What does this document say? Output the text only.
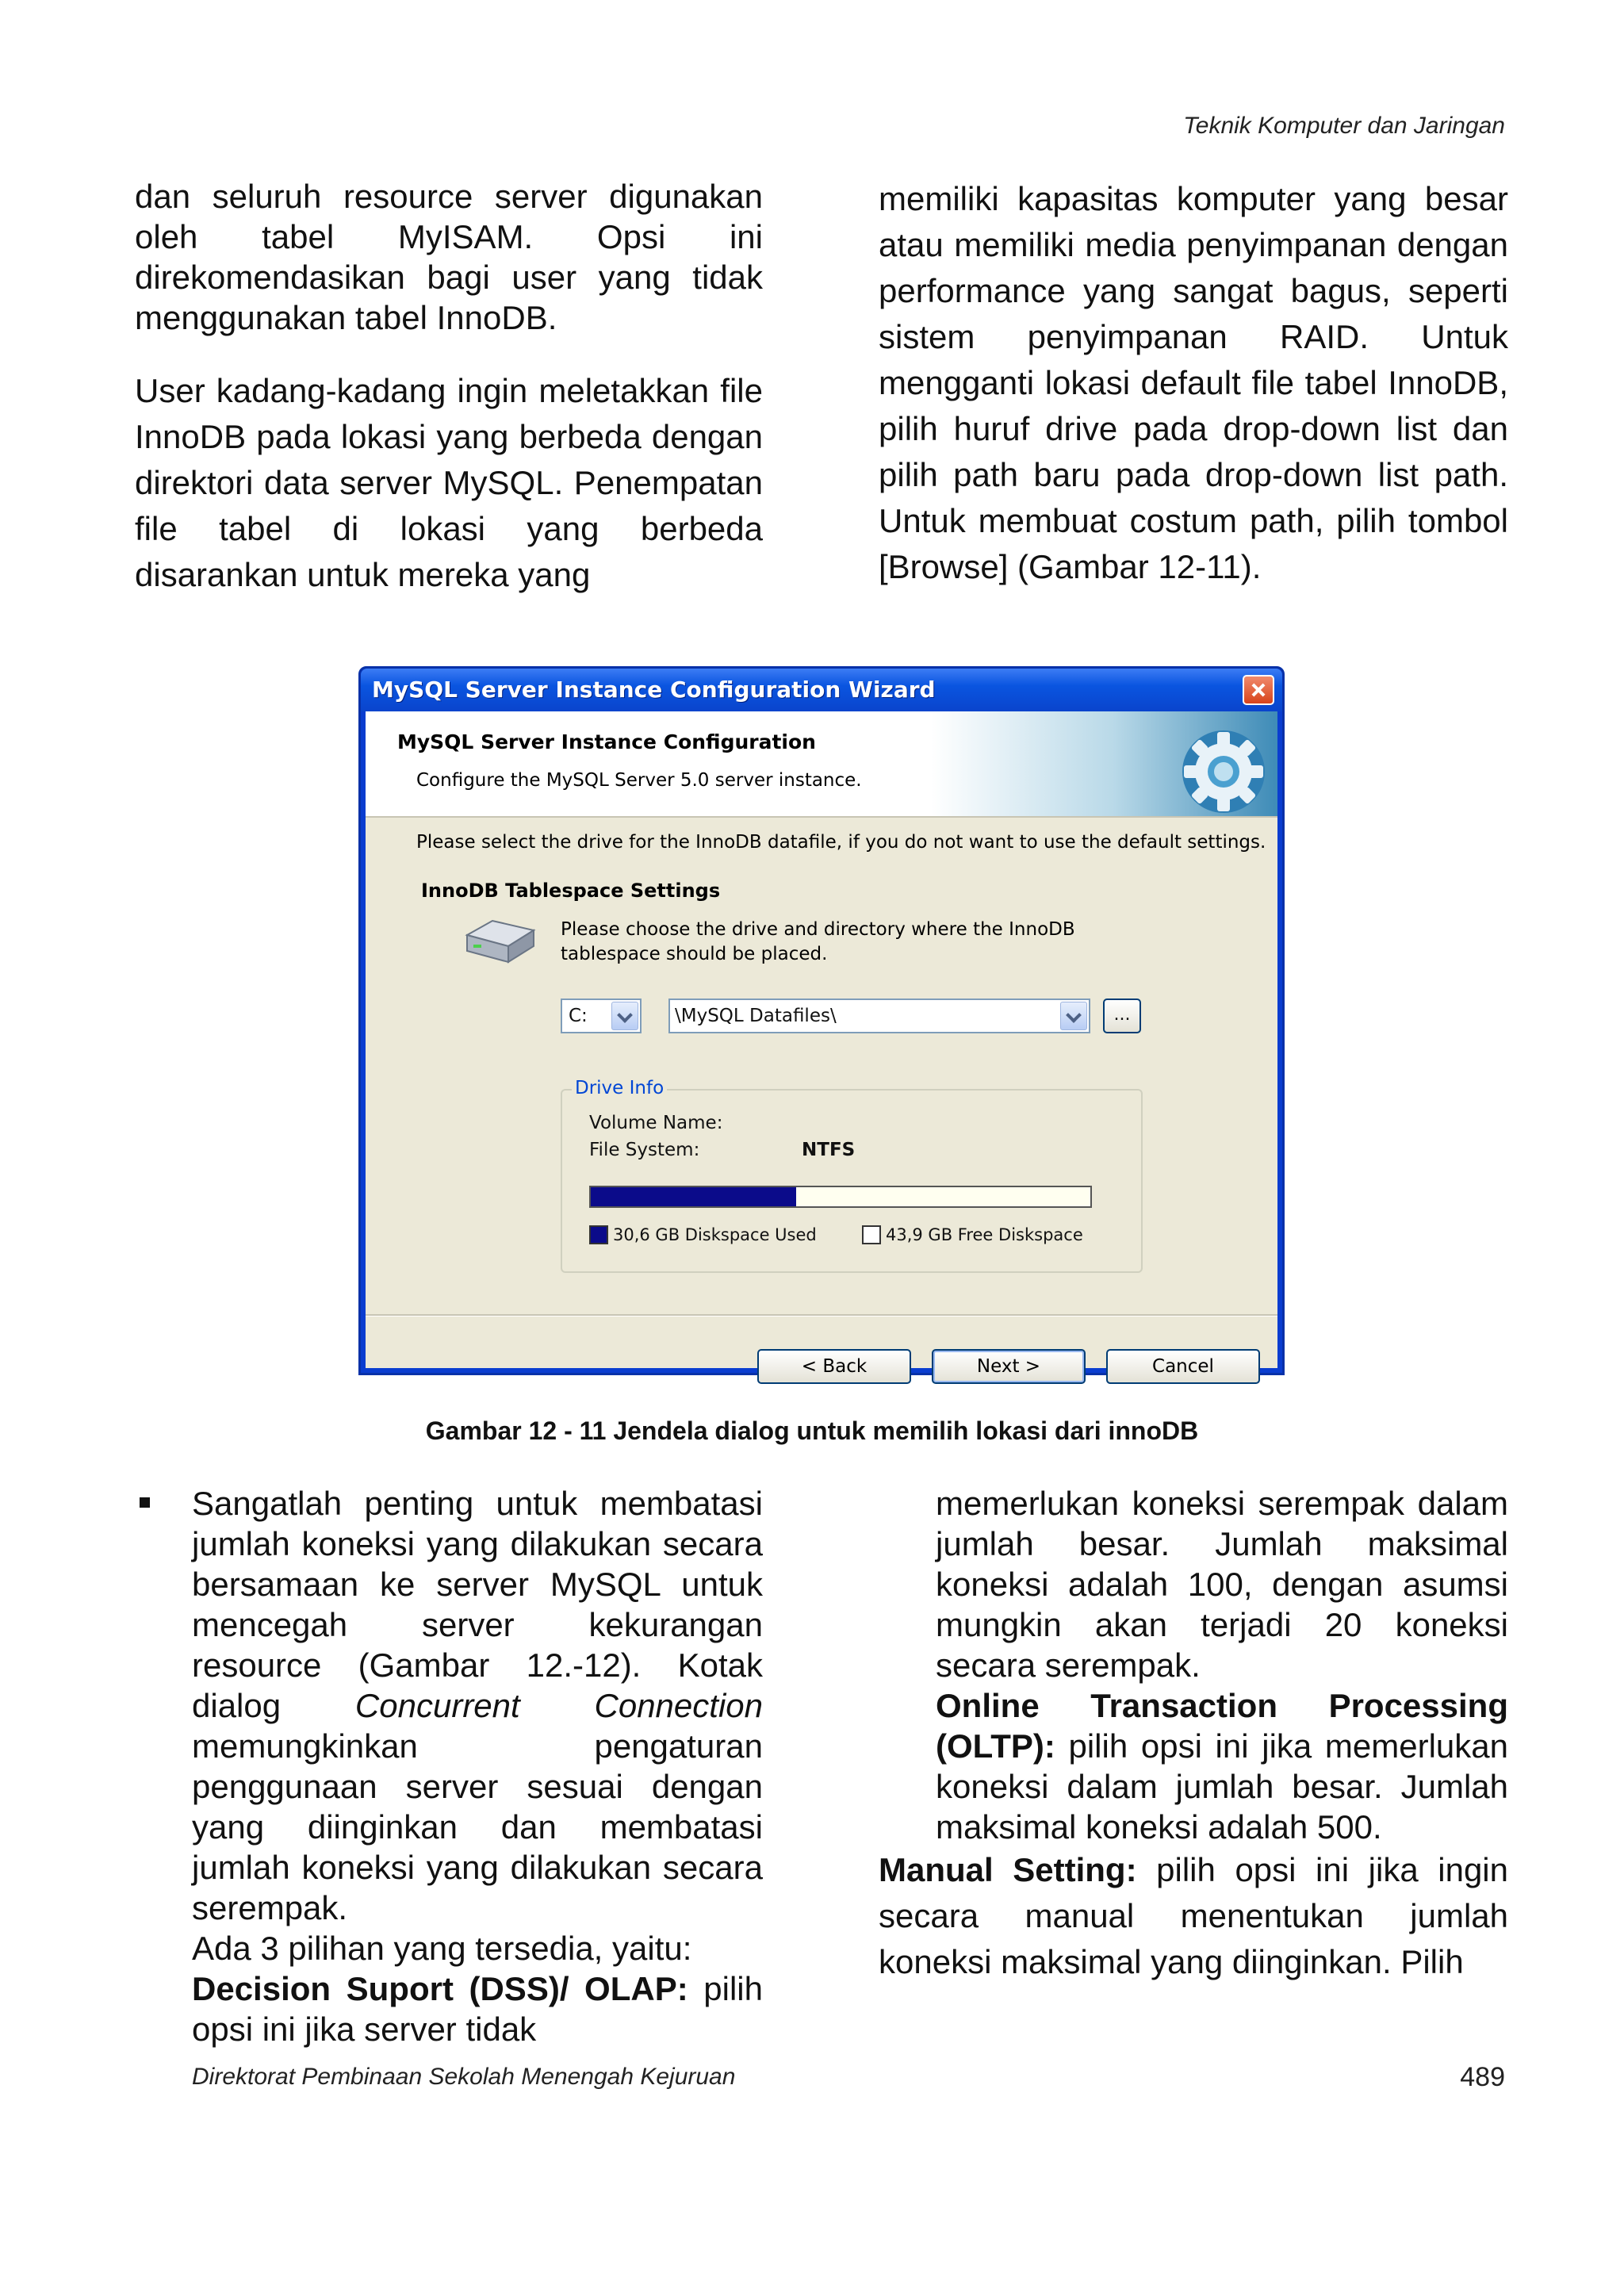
Teknik Komputer dan Jaringan

dan seluruh resource server digunakan oleh tabel MyISAM. Opsi ini direkomendasikan bagi user yang tidak menggunakan tabel InnoDB.

User kadang-kadang ingin meletakkan file InnoDB pada lokasi yang berbeda dengan direktori data server MySQL. Penempatan file tabel di lokasi yang berbeda disarankan untuk mereka yang

memiliki kapasitas komputer yang besar atau memiliki media penyimpanan dengan performance yang sangat bagus, seperti sistem penyimpanan RAID. Untuk mengganti lokasi default file tabel InnoDB, pilih huruf drive pada drop-down list dan pilih path baru pada drop-down list path. Untuk membuat costum path, pilih tombol [Browse] (Gambar 12-11).

MySQL Server Instance Configuration Wizard
MySQL Server Instance Configuration
Configure the MySQL Server 5.0 server instance.
Please select the drive for the InnoDB datafile, if you do not want to use the default settings.
InnoDB Tablespace Settings
Please choose the drive and directory where the InnoDB tablespace should be placed.
C:	\MySQL Datafiles\	...
Drive Info
Volume Name:
File System:	NTFS
30,6 GB Diskspace Used	43,9 GB Free Diskspace
< Back	Next >	Cancel
Gambar 12 - 11 Jendela dialog untuk memilih lokasi dari innoDB
Sangatlah penting untuk membatasi jumlah koneksi yang dilakukan secara bersamaan ke server MySQL untuk mencegah server kekurangan resource (Gambar 12.-12). Kotak dialog Concurrent Connection memungkinkan pengaturan penggunaan server sesuai dengan yang diinginkan dan membatasi jumlah koneksi yang dilakukan secara serempak.
Ada 3 pilihan yang tersedia, yaitu:
Decision Suport (DSS)/ OLAP: pilih opsi ini jika server tidak
memerlukan koneksi serempak dalam jumlah besar. Jumlah maksimal koneksi adalah 100, dengan asumsi mungkin akan terjadi 20 koneksi secara serempak.
Online Transaction Processing (OLTP): pilih opsi ini jika memerlukan koneksi dalam jumlah besar. Jumlah maksimal koneksi adalah 500.
Manual Setting: pilih opsi ini jika ingin secara manual menentukan jumlah koneksi maksimal yang diinginkan. Pilih
Direktorat Pembinaan Sekolah Menengah Kejuruan	489
